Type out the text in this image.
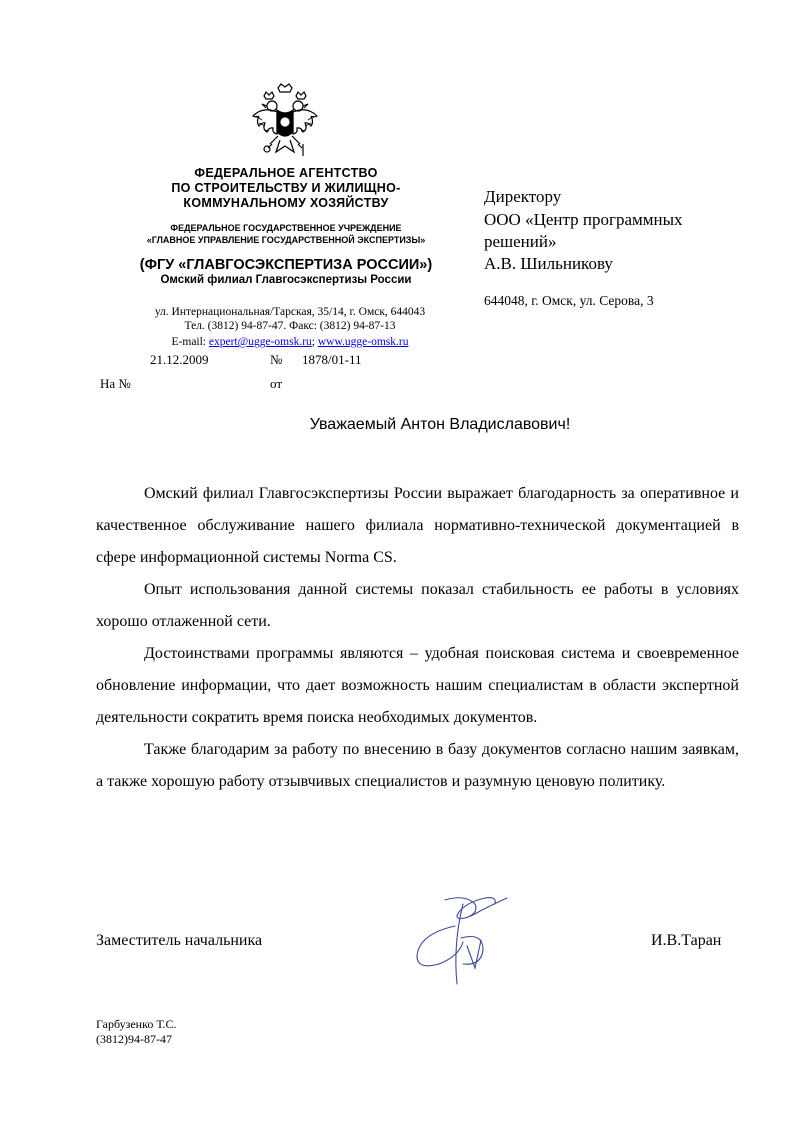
ФЕДЕРАЛЬНОЕ АГЕНТСТВО
ПО СТРОИТЕЛЬСТВУ И ЖИЛИЩНО-
КОММУНАЛЬНОМУ ХОЗЯЙСТВУ
ФЕДЕРАЛЬНОЕ ГОСУДАРСТВЕННОЕ УЧРЕЖДЕНИЕ
«ГЛАВНОЕ УПРАВЛЕНИЕ ГОСУДАРСТВЕННОЙ ЭКСПЕРТИЗЫ»
(ФГУ «ГЛАВГОСЭКСПЕРТИЗА РОССИИ»)
Омский филиал Главгосэкспертизы России
ул. Интернациональная/Тарская, 35/14, г. Омск, 644043
Тел. (3812) 94-87-47. Факс: (3812) 94-87-13
E-mail: expert@ugge-omsk.ru; www.ugge-omsk.ru
21.12.2009	№ 1878/01-11
На №	от
Директору
ООО «Центр программных
решений»
А.В. Шильникову
644048, г. Омск, ул. Серова, 3
Уважаемый Антон Владиславович!

Омский филиал Главгосэкспертизы России выражает благодарность за оперативное и качественное обслуживание нашего филиала нормативно-технической документацией в сфере информационной системы Norma CS.

Опыт использования данной системы показал стабильность ее работы в условиях хорошо отлаженной сети.

Достоинствами программы являются – удобная поисковая система и своевременное обновление информации, что дает возможность нашим специалистам в области экспертной деятельности сократить время поиска необходимых документов.

Также благодарим за работу по внесению в базу документов согласно нашим заявкам, а также хорошую работу отзывчивых специалистов и разумную ценовую политику.

Заместитель начальника	И.В.Таран
Гарбузенко Т.С.
(3812)94-87-47
